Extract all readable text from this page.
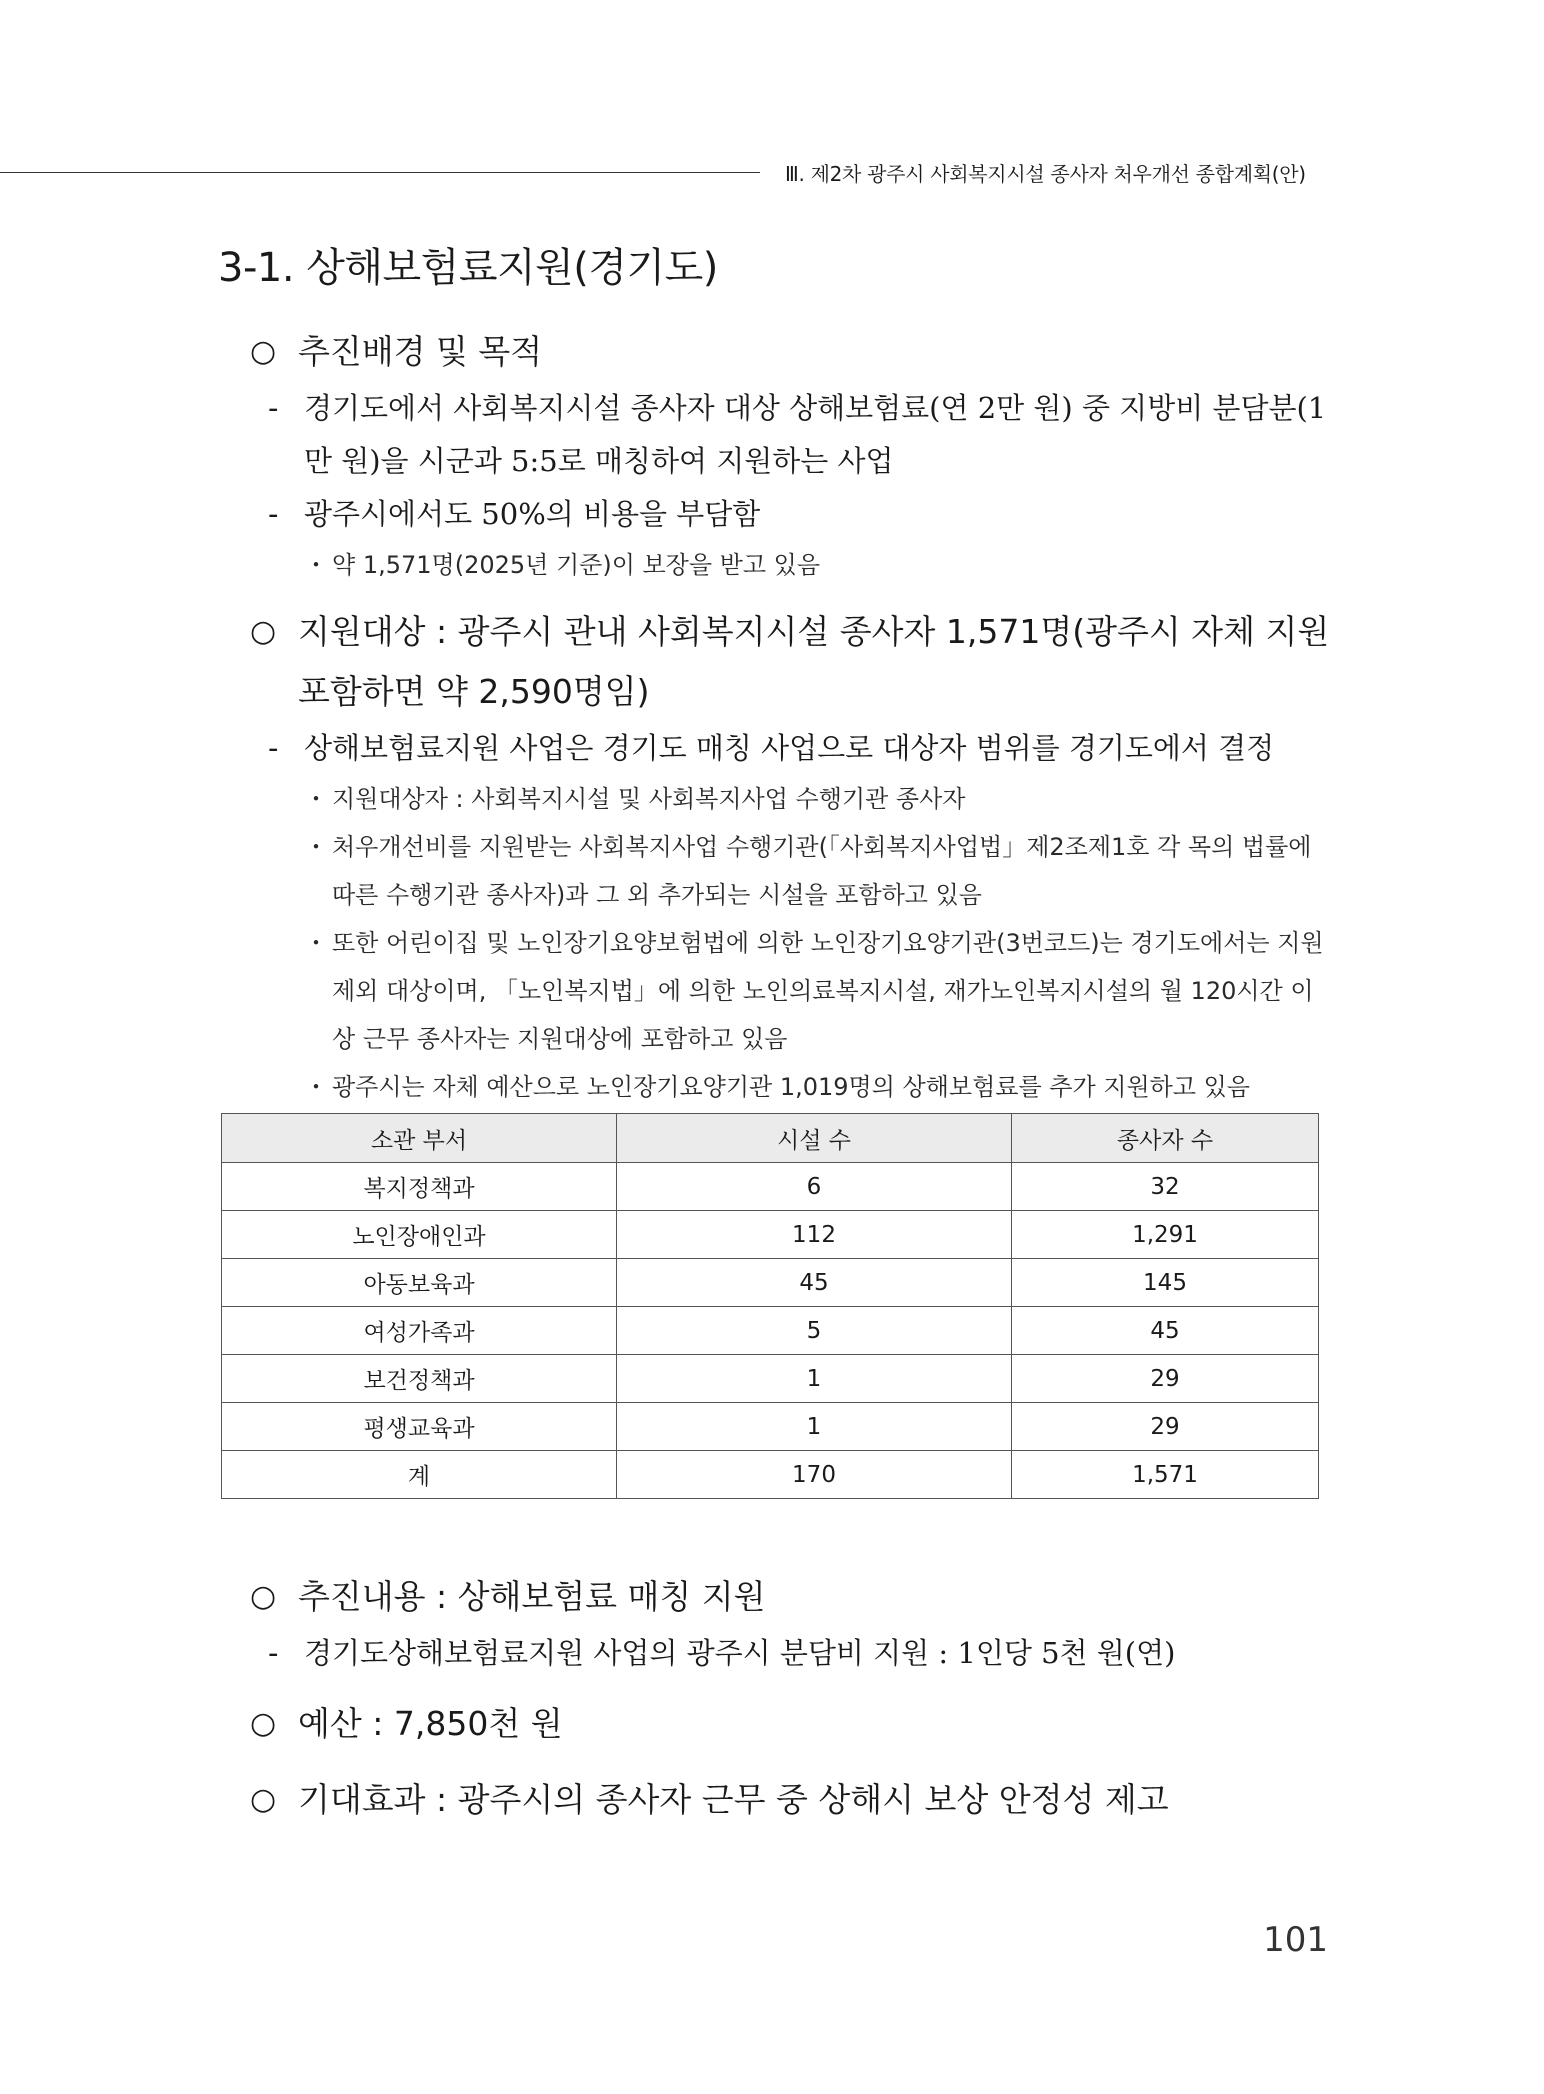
Ⅲ. 제2차 광주시 사회복지시설 종사자 처우개선 종합계획(안)
3-1. 상해보험료지원(경기도)
○ 추진배경 및 목적
- 경기도에서 사회복지시설 종사자 대상 상해보험료(연 2만 원) 중 지방비 분담분(1만 원)을 시군과 5:5로 매칭하여 지원하는 사업
- 광주시에서도 50%의 비용을 부담함
・ 약 1,571명(2025년 기준)이 보장을 받고 있음
○ 지원대상 : 광주시 관내 사회복지시설 종사자 1,571명(광주시 자체 지원 포함하면 약 2,590명임)
- 상해보험료지원 사업은 경기도 매칭 사업으로 대상자 범위를 경기도에서 결정
・ 지원대상자 : 사회복지시설 및 사회복지사업 수행기관 종사자
・ 처우개선비를 지원받는 사회복지사업 수행기관(「사회복지사업법」제2조제1호 각 목의 법률에 따른 수행기관 종사자)과 그 외 추가되는 시설을 포함하고 있음
・ 또한 어린이집 및 노인장기요양보험법에 의한 노인장기요양기관(3번코드)는 경기도에서는 지원 제외 대상이며, 「노인복지법」에 의한 노인의료복지시설, 재가노인복지시설의 월 120시간 이상 근무 종사자는 지원대상에 포함하고 있음
・ 광주시는 자체 예산으로 노인장기요양기관 1,019명의 상해보험료를 추가 지원하고 있음
소관 부서	시설 수	종사자 수
복지정책과	6	32
노인장애인과	112	1,291
아동보육과	45	145
여성가족과	5	45
보건정책과	1	29
평생교육과	1	29
계	170	1,571
○ 추진내용 : 상해보험료 매칭 지원
- 경기도상해보험료지원 사업의 광주시 분담비 지원 : 1인당 5천 원(연)
○ 예산 : 7,850천 원
○ 기대효과 : 광주시의 종사자 근무 중 상해시 보상 안정성 제고
101
